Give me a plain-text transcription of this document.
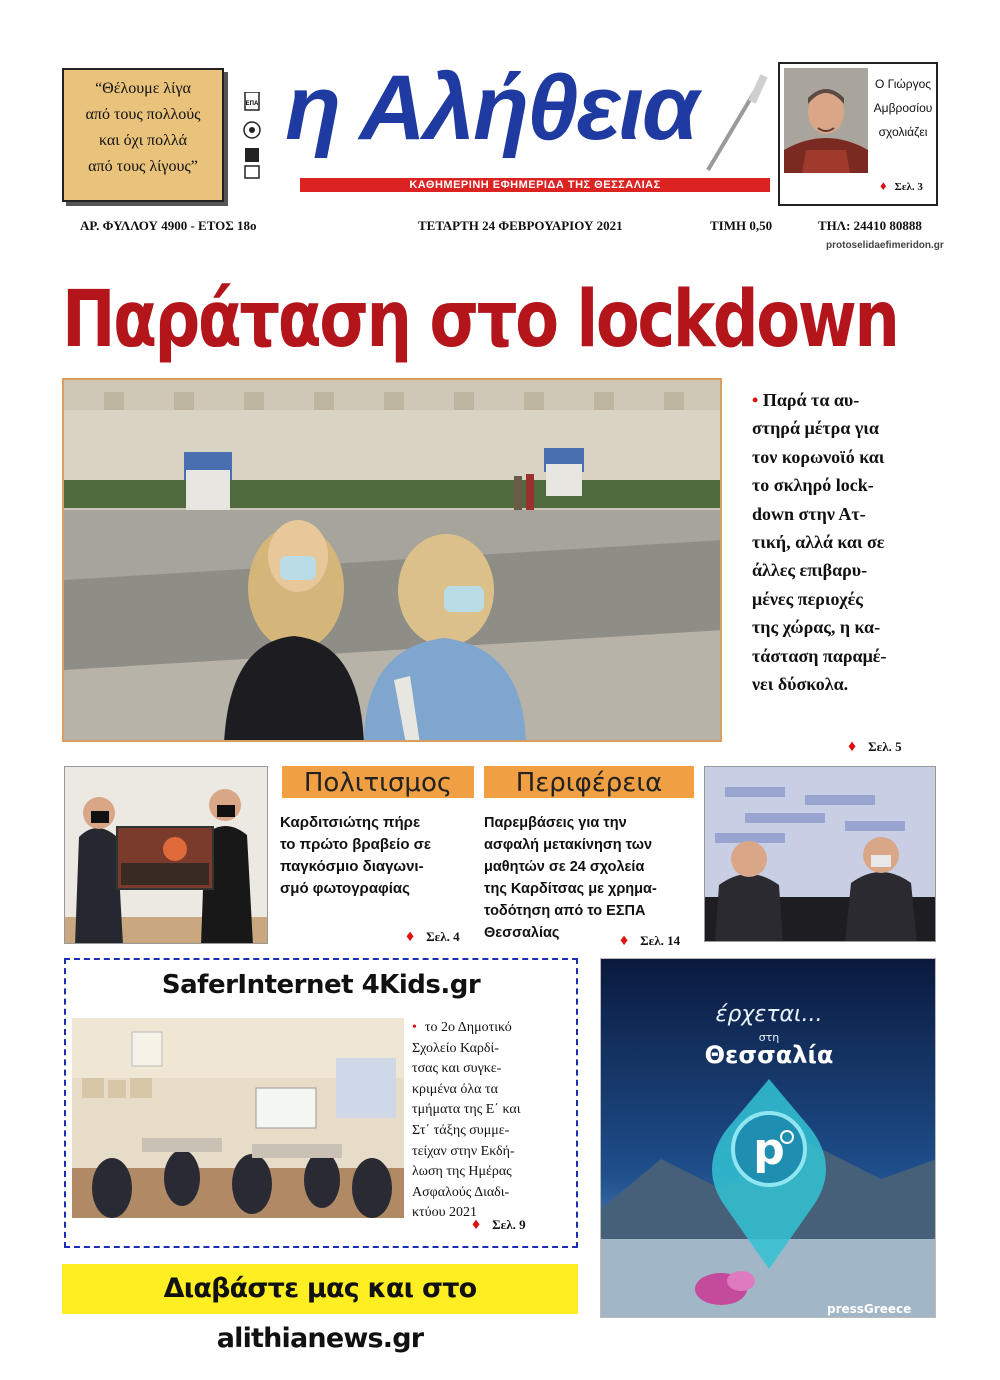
“Θέλουμε λίγα
από τους πολλούς
και όχι πολλά
από τους λίγους”
ΕΠΑ η Αλήθεια
ΚΑΘΗΜΕΡΙΝΗ ΕΦΗΜΕΡΙΔΑ ΤΗΣ ΘΕΣΣΑΛΙΑΣ
Ο Γιώργος
Αμβροσίου
σχολιάζει
♦ Σελ. 3
ΑΡ. ΦΥΛΛΟΥ 4900 - ΕΤΟΣ 18ο	ΤΕΤΑΡΤΗ 24 ΦΕΒΡΟΥΑΡΙΟΥ 2021	ΤΙΜΗ 0,50	ΤΗΛ: 24410 80888
protoselidaefimeridon.gr
Παράταση στο lockdown
• Παρά τα αυ-
στηρά μέτρα για
τον κορωνοϊό και
το σκληρό lock-
down στην Ατ-
τική, αλλά και σε
άλλες επιβαρυ-
μένες περιοχές
της χώρας, η κα-
τάσταση παραμέ-
νει δύσκολα.
♦ Σελ. 5
Πολιτισμος
Καρδιτσιώτης πήρε
το πρώτο βραβείο σε
παγκόσμιο διαγωνι-
σμό φωτογραφίας
♦ Σελ. 4
Περιφέρεια
Παρεμβάσεις για την
ασφαλή μετακίνηση των
μαθητών σε 24 σχολεία
της Καρδίτσας με χρημα-
τοδότηση από το ΕΣΠΑ
Θεσσαλίας	♦ Σελ. 14
SaferInternet 4Kids.gr
• το 2ο Δημοτικό
Σχολείο Καρδί-
τσας και συγκε-
κριμένα όλα τα
τμήματα της Ε΄ και
Στ΄ τάξης συμμε-
τείχαν στην Εκδή-
λωση της Ημέρας
Ασφαλούς Διαδι-
κτύου 2021
♦ Σελ. 9
Διαβάστε μας και στο alithianews.gr
p
έρχεται...
στη
Θεσσαλία
pressGreece
